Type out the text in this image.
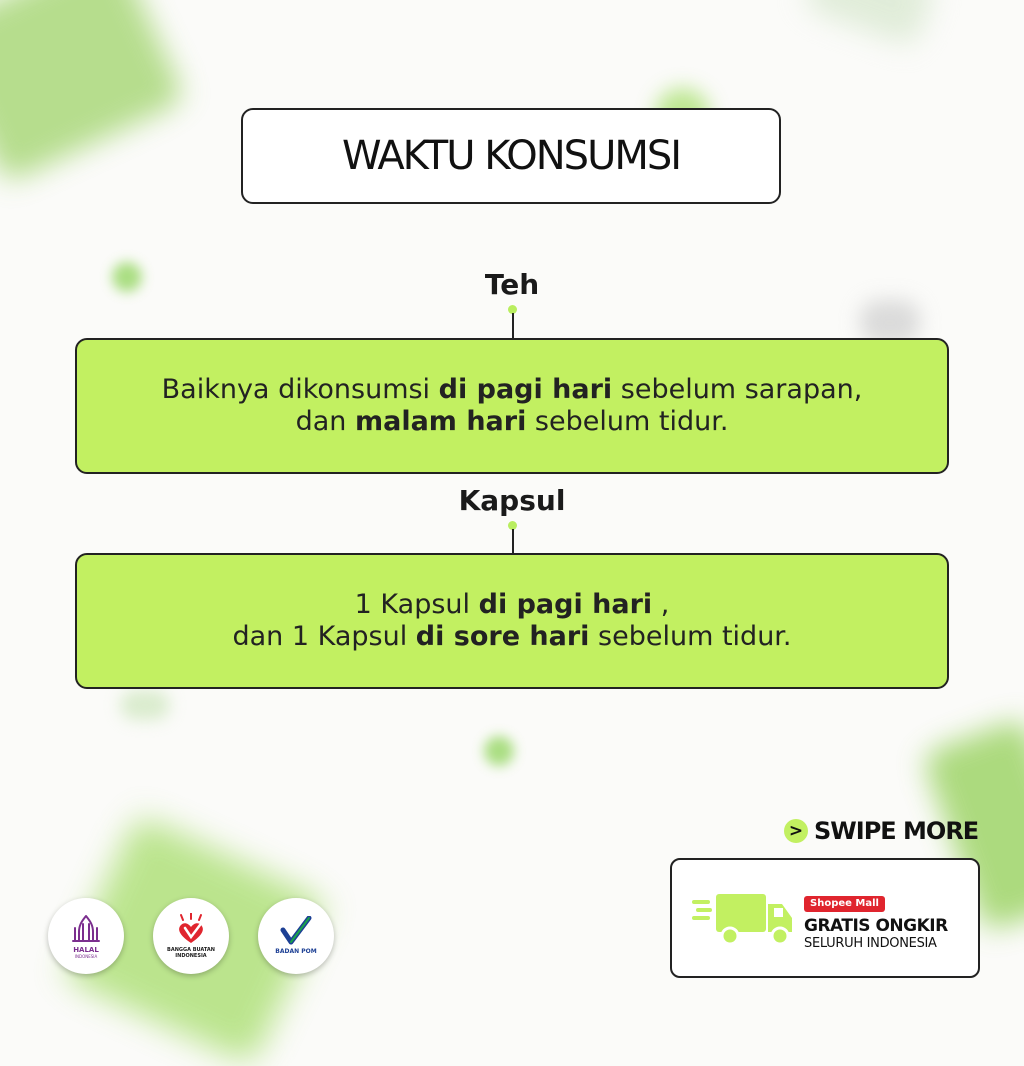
WAKTU KONSUMSI
Teh
Baiknya dikonsumsi di pagi hari sebelum sarapan,
dan malam hari sebelum tidur.
Kapsul
1 Kapsul di pagi hari ,
dan 1 Kapsul di sore hari sebelum tidur.
> SWIPE MORE
Shopee Mall
GRATIS ONGKIR
SELURUH INDONESIA
HALAL
INDONESIA
BANGGA BUATAN INDONESIA
BADAN POM
